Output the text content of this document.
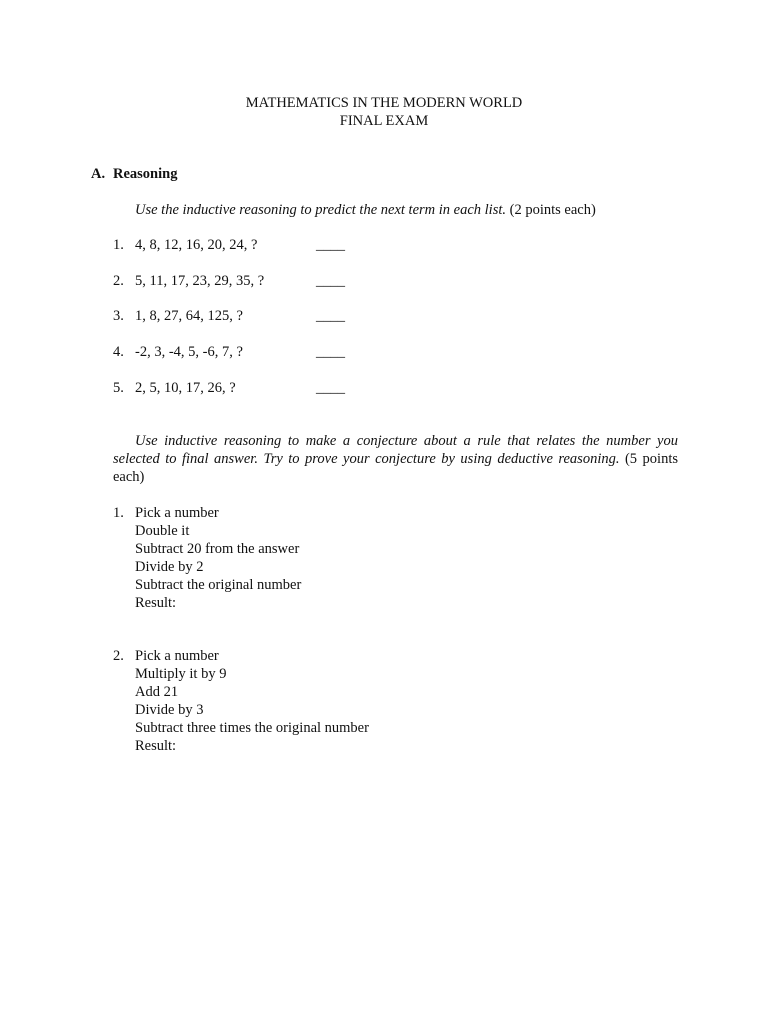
MATHEMATICS IN THE MODERN WORLD
FINAL EXAM
A. Reasoning
Use the inductive reasoning to predict the next term in each list. (2 points each)
1. 4, 8, 12, 16, 20, 24, ?	____
2. 5, 11, 17, 23, 29, 35, ?	____
3. 1, 8, 27, 64, 125, ?	____
4. -2, 3, -4, 5, -6, 7, ?	____
5. 2, 5, 10, 17, 26, ?	____
Use inductive reasoning to make a conjecture about a rule that relates the number you selected to final answer. Try to prove your conjecture by using deductive reasoning. (5 points each)
1. Pick a number
Double it
Subtract 20 from the answer
Divide by 2
Subtract the original number
Result:
2. Pick a number
Multiply it by 9
Add 21
Divide by 3
Subtract three times the original number
Result:
